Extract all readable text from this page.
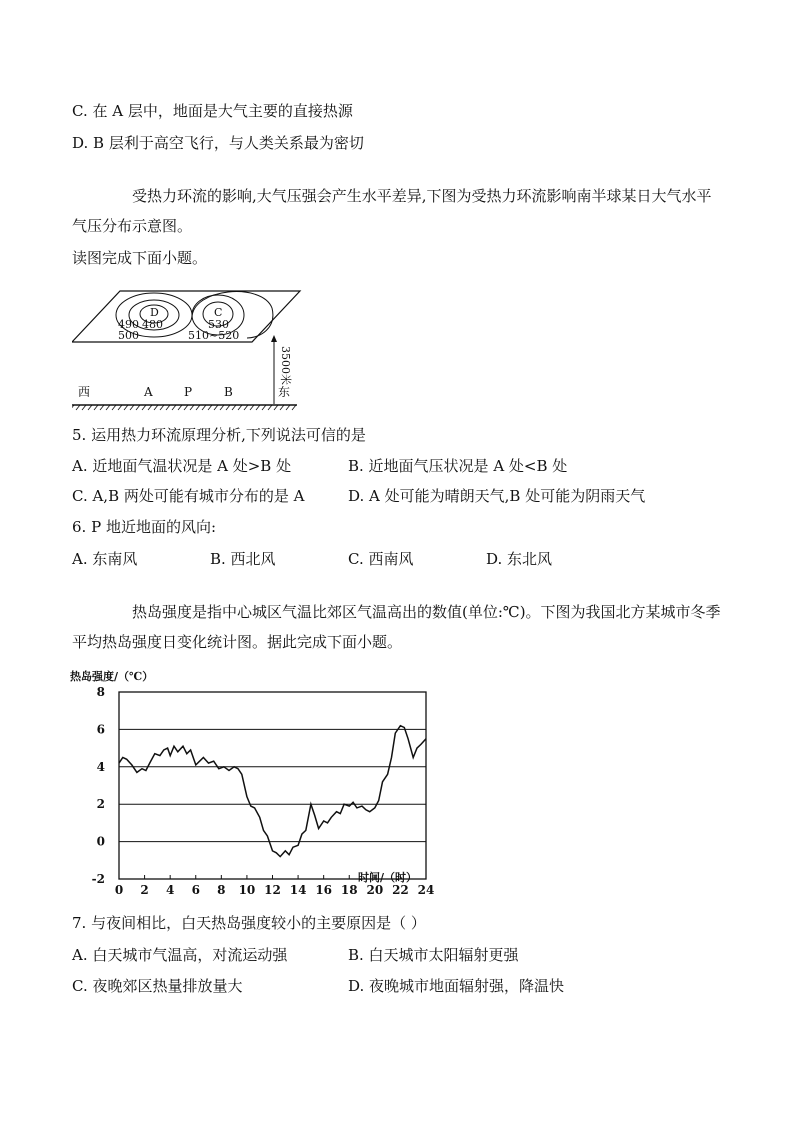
C. 在 A 层中，地面是大气主要的直接热源
D. B 层利于高空飞行，与人类关系最为密切
受热力环流的影响,大气压强会产生水平差异,下图为受热力环流影响南半球某日大气水平气压分布示意图。
读图完成下面小题。
D	C
490 480
500
530
510~520
3500米
西	A	P	B	东
5. 运用热力环流原理分析,下列说法可信的是
A. 近地面气温状况是 A 处>B 处	B. 近地面气压状况是 A 处<B 处
C. A,B 两处可能有城市分布的是 A	D. A 处可能为晴朗天气,B 处可能为阴雨天气
6. P 地近地面的风向:
A. 东南风	B. 西北风	C. 西南风	D. 东北风
热岛强度是指中心城区气温比郊区气温高出的数值(单位:℃)。下图为我国北方某城市冬季平均热岛强度日变化统计图。据此完成下面小题。
热岛强度/（℃）
时间/（时）
8
6
4
2
0
-2
0 2 4 6 8 10 12 14 16 18 20 22 24
7. 与夜间相比，白天热岛强度较小的主要原因是（ ）
A. 白天城市气温高，对流运动强	B. 白天城市太阳辐射更强
C. 夜晚郊区热量排放量大	D. 夜晚城市地面辐射强，降温快
